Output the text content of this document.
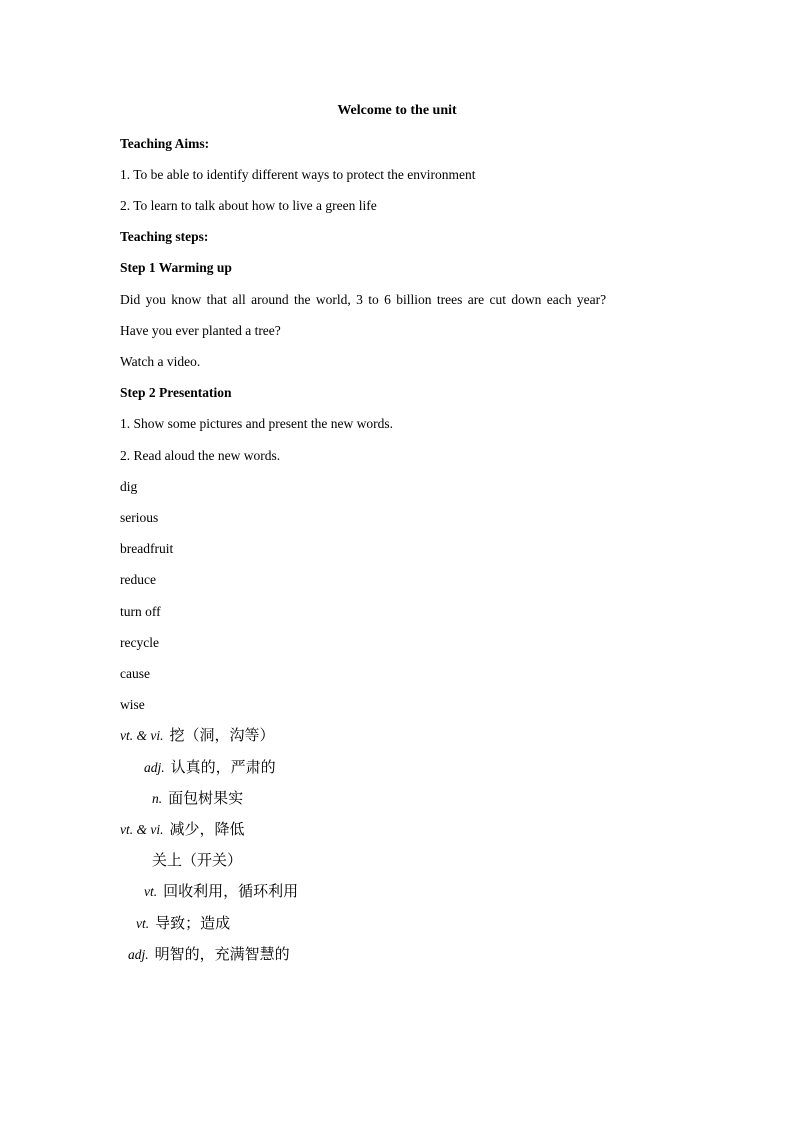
Welcome to the unit
Teaching Aims:
1. To be able to identify different ways to protect the environment
2. To learn to talk about how to live a green life
Teaching steps:
Step 1 Warming up
Did you know that all around the world, 3 to 6 billion trees are cut down each year?
Have you ever planted a tree?
Watch a video.
Step 2 Presentation
1. Show some pictures and present the new words.
2. Read aloud the new words.
dig
serious
breadfruit
reduce
turn off
recycle
cause
wise
vt. & vi. 挖（洞，沟等）
adj. 认真的，严肃的
n. 面包树果实
vt. & vi. 减少，降低
关上（开关）
vt. 回收利用，循环利用
vt. 导致；造成
adj. 明智的，充满智慧的
